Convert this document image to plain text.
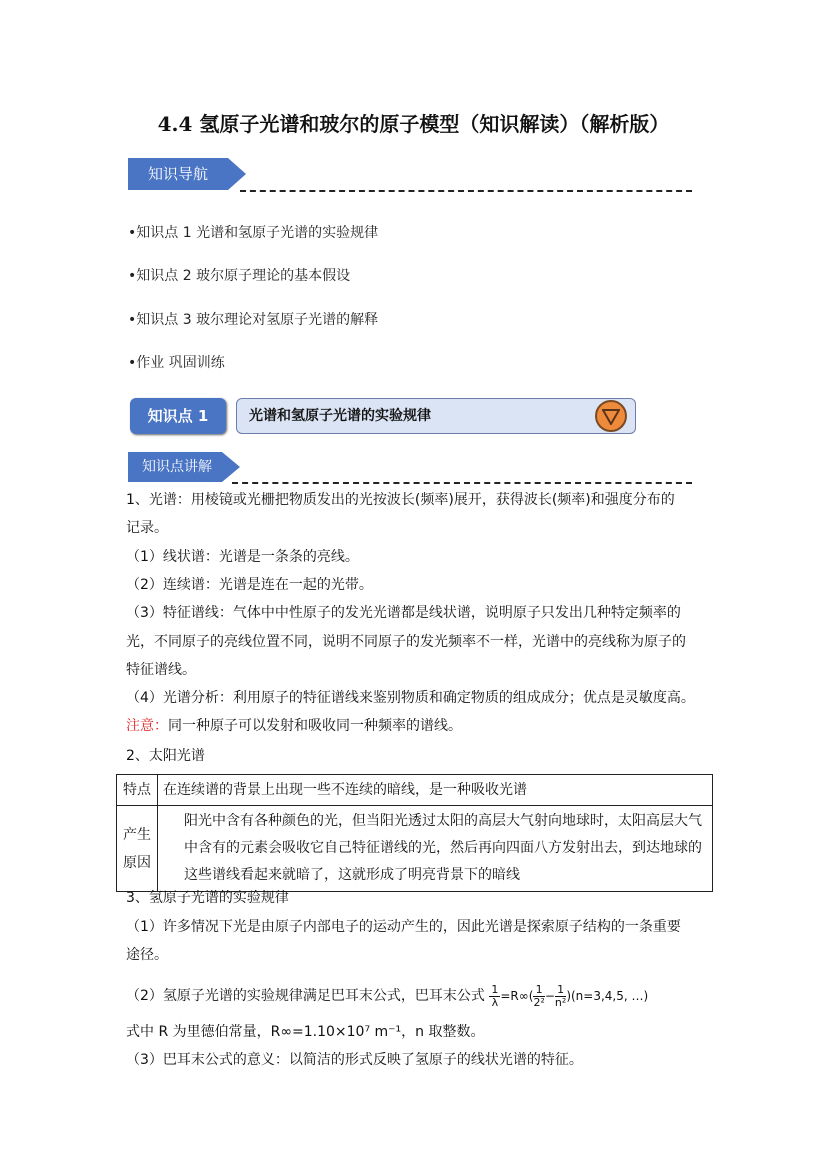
4.4 氢原子光谱和玻尔的原子模型（知识解读）（解析版）
知识导航
•知识点 1 光谱和氢原子光谱的实验规律
•知识点 2 玻尔原子理论的基本假设
•知识点 3 玻尔理论对氢原子光谱的解释
•作业 巩固训练
知识点 1	光谱和氢原子光谱的实验规律
知识点讲解
1、光谱：用棱镜或光栅把物质发出的光按波长(频率)展开，获得波长(频率)和强度分布的
记录。
（1）线状谱：光谱是一条条的亮线。
（2）连续谱：光谱是连在一起的光带。
（3）特征谱线：气体中中性原子的发光光谱都是线状谱，说明原子只发出几种特定频率的
光，不同原子的亮线位置不同，说明不同原子的发光频率不一样，光谱中的亮线称为原子的
特征谱线。
（4）光谱分析：利用原子的特征谱线来鉴别物质和确定物质的组成成分；优点是灵敏度高。
注意：同一种原子可以发射和吸收同一种频率的谱线。
2、太阳光谱
特点	在连续谱的背景上出现一些不连续的暗线，是一种吸收光谱
产生
原因	阳光中含有各种颜色的光，但当阳光透过太阳的高层大气射向地球时，太阳高层大气中含有的元素会吸收它自己特征谱线的光，然后再向四面八方发射出去，到达地球的这些谱线看起来就暗了，这就形成了明亮背景下的暗线
3、氢原子光谱的实验规律
（1）许多情况下光是由原子内部电子的运动产生的，因此光谱是探索原子结构的一条重要
途径。
（2）氢原子光谱的实验规律满足巴耳末公式，巴耳末公式 $\frac{1}{\lambda} =R\infty( \frac{1}{\text{2²}} - \frac{1}{\text{n²}} )(n=3,4,5$, …)
式中 R 为里德伯常量，R∞=1.10×10⁷ m⁻¹，n 取整数。
（3）巴耳末公式的意义：以简洁的形式反映了氢原子的线状光谱的特征。
